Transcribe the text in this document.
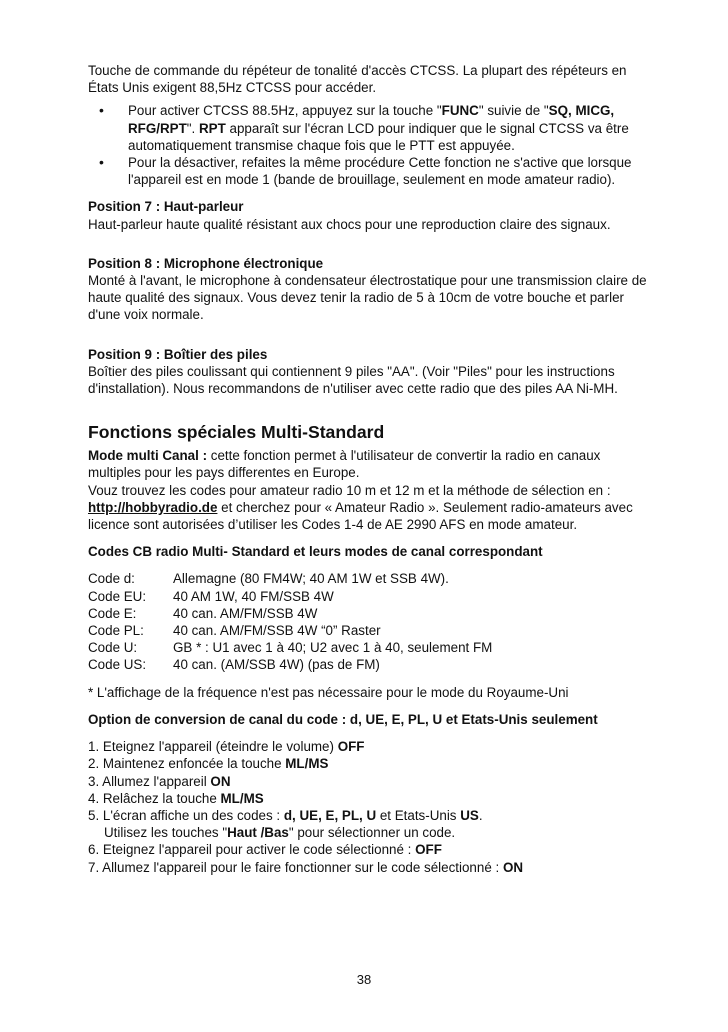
Touche de commande du répéteur de tonalité d'accès CTCSS. La plupart des répéteurs en États Unis exigent 88,5Hz CTCSS pour accéder.

• Pour activer CTCSS 88.5Hz, appuyez sur la touche "FUNC" suivie de "SQ, MICG, RFG/RPT". RPT apparaît sur l'écran LCD pour indiquer que le signal CTCSS va être automatiquement transmise chaque fois que le PTT est appuyée.
• Pour la désactiver, refaites la même procédure Cette fonction ne s'active que lorsque l'appareil est en mode 1 (bande de brouillage, seulement en mode amateur radio).

Position 7 : Haut-parleur

Haut-parleur haute qualité résistant aux chocs pour une reproduction claire des signaux.

Position 8 : Microphone électronique

Monté à l'avant, le microphone à condensateur électrostatique pour une transmission claire de haute qualité des signaux. Vous devez tenir la radio de 5 à 10cm de votre bouche et parler d'une voix normale.

Position 9 : Boîtier des piles

Boîtier des piles coulissant qui contiennent 9 piles "AA". (Voir "Piles" pour les instructions d'installation). Nous recommandons de n'utiliser avec cette radio que des piles AA Ni-MH.

Fonctions spéciales Multi-Standard

Mode multi Canal : cette fonction permet à l'utilisateur de convertir la radio en canaux multiples pour les pays differentes en Europe.

Vouz trouvez les codes pour amateur radio 10 m et 12 m et la méthode de sélection en :

http://hobbyradio.de et cherchez pour « Amateur Radio ». Seulement radio-amateurs avec licence sont autorisées d’utiliser les Codes 1-4 de AE 2990 AFS en mode amateur.

Codes CB radio Multi- Standard et leurs modes de canal correspondant

Code d:	Allemagne (80 FM4W; 40 AM 1W et SSB 4W).
Code EU:	40 AM 1W, 40 FM/SSB 4W
Code E:	40 can. AM/FM/SSB 4W
Code PL:	40 can. AM/FM/SSB 4W “0” Raster
Code U:	GB * : U1 avec 1 à 40; U2 avec 1 à 40, seulement FM
Code US:	40 can. (AM/SSB 4W) (pas de FM)

* L'affichage de la fréquence n'est pas nécessaire pour le mode du Royaume-Uni

Option de conversion de canal du code : d, UE, E, PL, U et Etats-Unis seulement

1. Eteignez l'appareil (éteindre le volume) OFF

2. Maintenez enfoncée la touche ML/MS

3. Allumez l'appareil ON

4. Relâchez la touche ML/MS

5. L'écran affiche un des codes : d, UE, E, PL, U et Etats-Unis US.

Utilisez les touches "Haut /Bas" pour sélectionner un code.

6. Eteignez l'appareil pour activer le code sélectionné : OFF

7. Allumez l'appareil pour le faire fonctionner sur le code sélectionné : ON

38
